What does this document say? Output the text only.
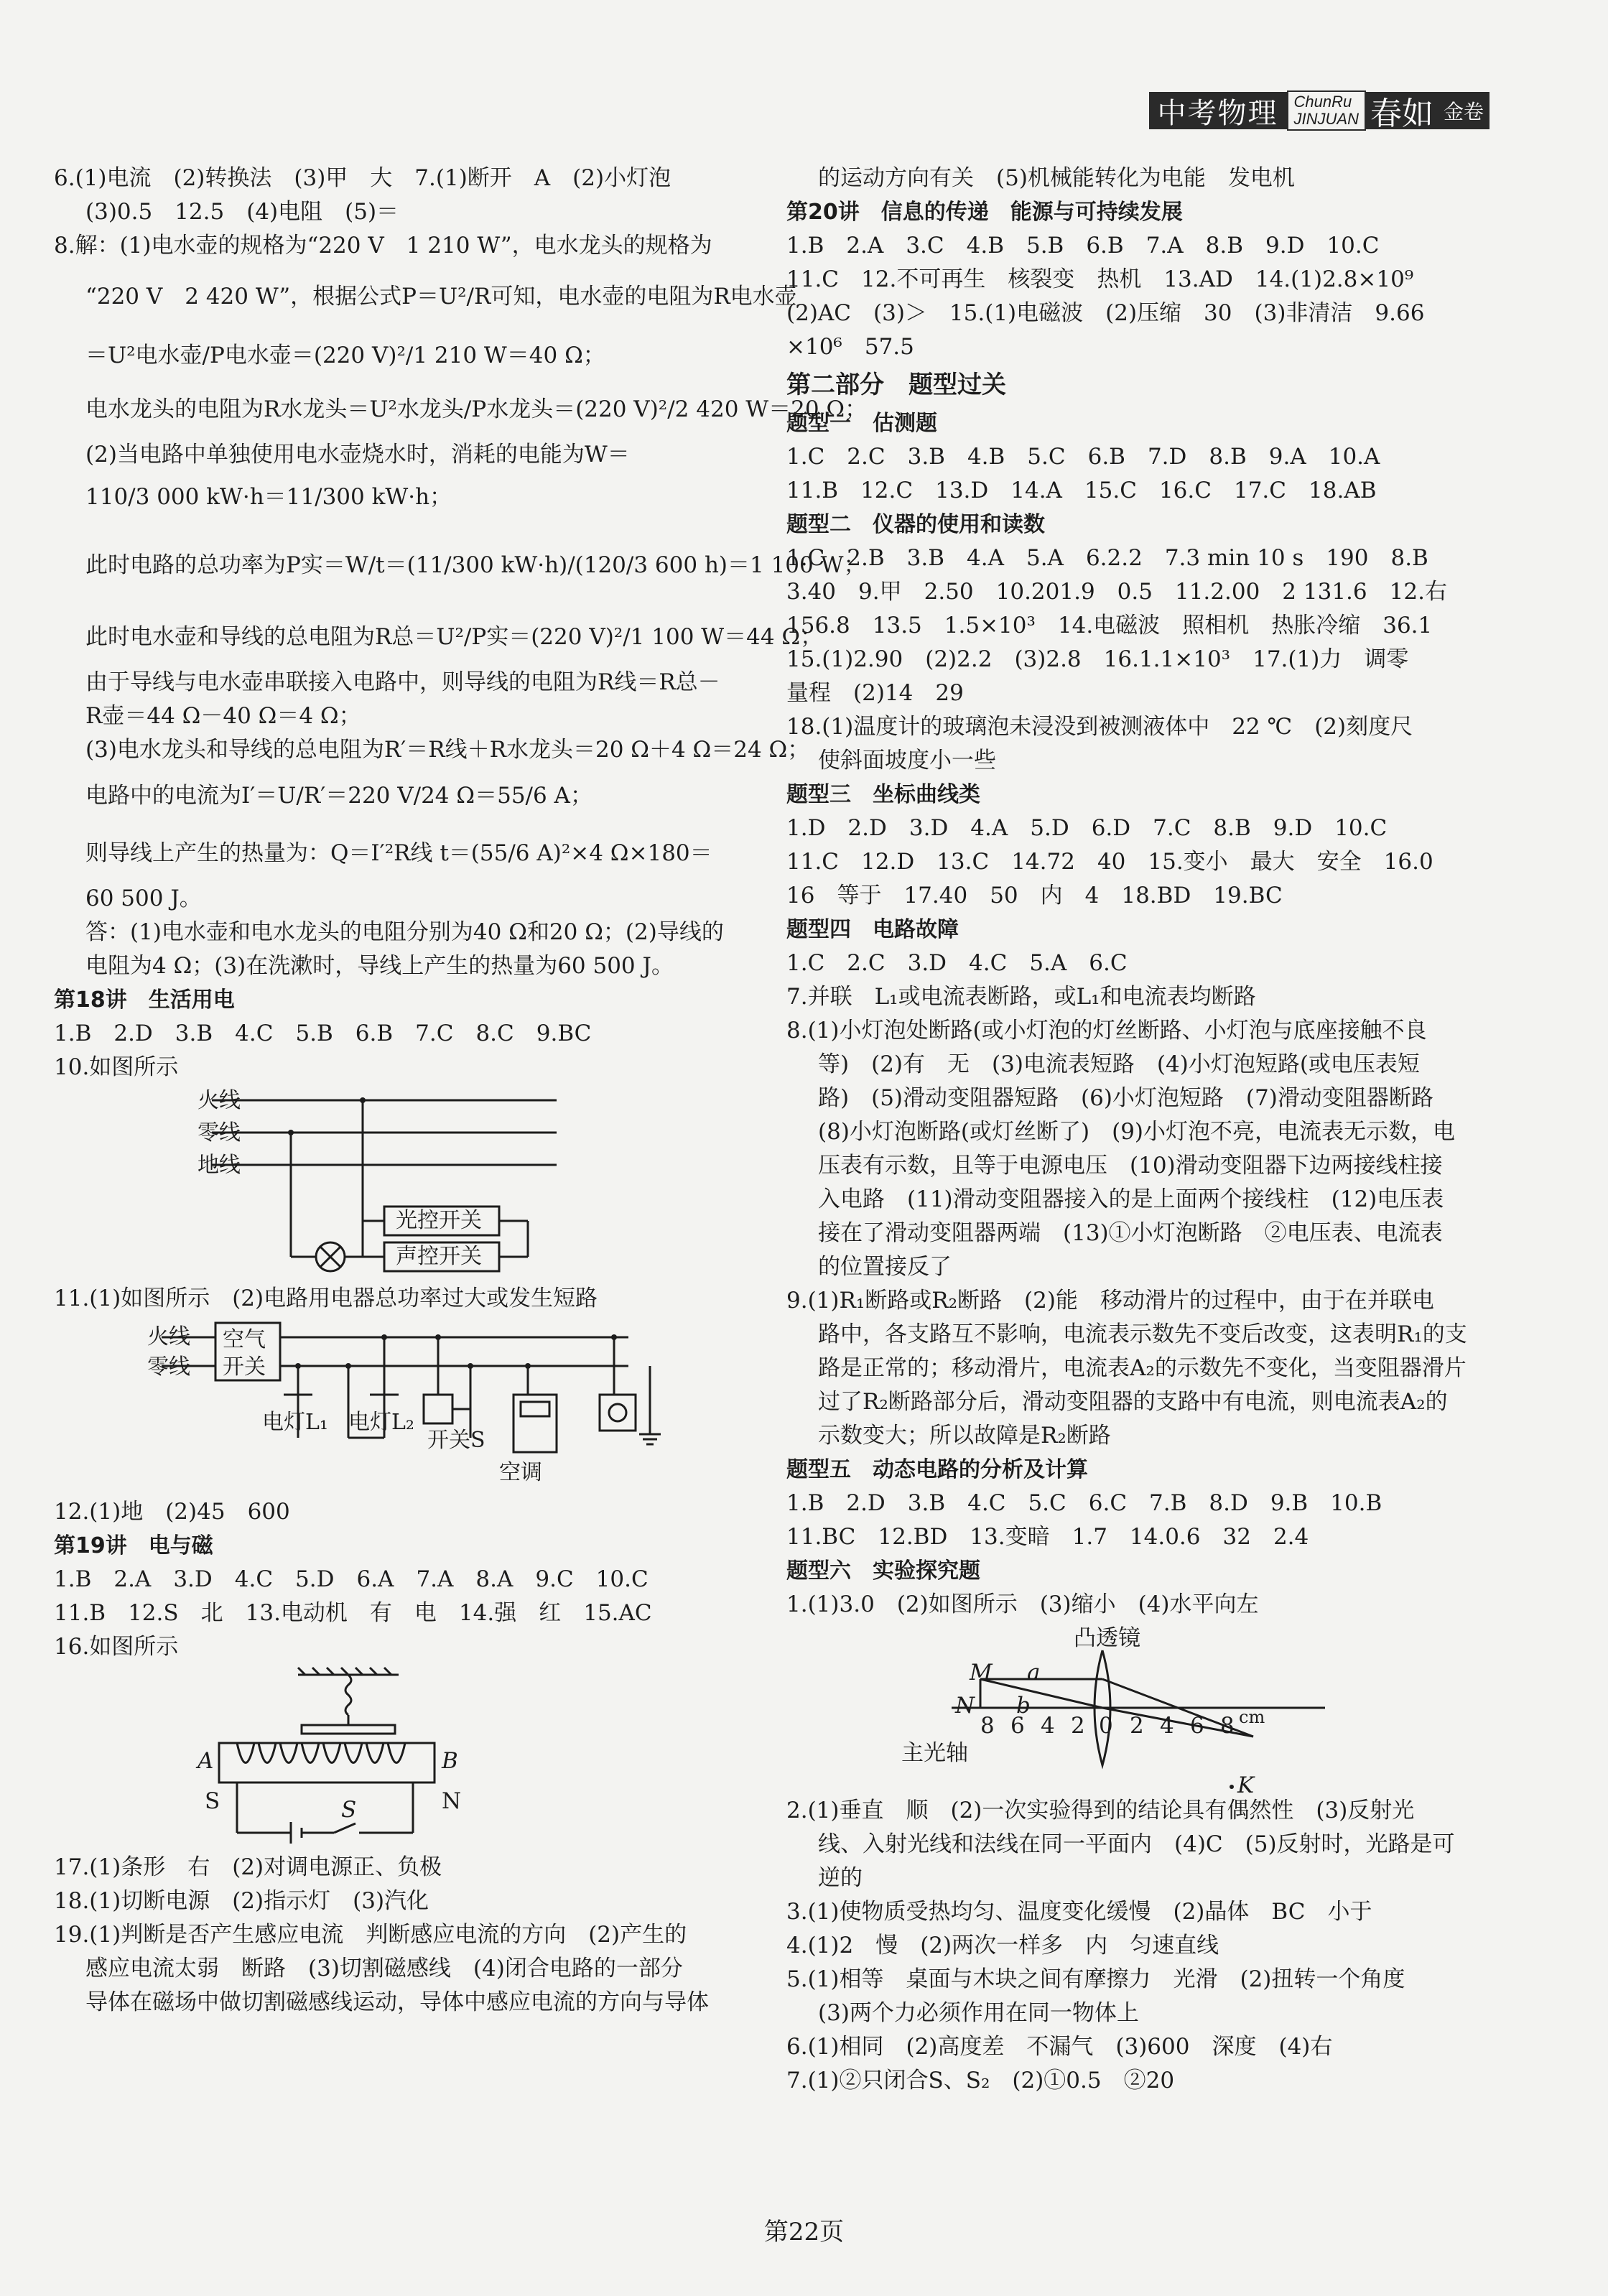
中考物理	ChunRu
JINJUAN 春如 金卷
6.(1)电流　(2)转换法　(3)甲　大　7.(1)断开　A　(2)小灯泡
(3)0.5　12.5　(4)电阻　(5)＝
8.解：(1)电水壶的规格为“220 V　1 210 W”，电水龙头的规格为
“220 V　2 420 W”，根据公式P＝U²/R可知，电水壶的电阻为R电水壶
＝U²电水壶/P电水壶＝(220 V)²/1 210 W＝40 Ω；
电水龙头的电阻为R水龙头＝U²水龙头/P水龙头＝(220 V)²/2 420 W＝20 Ω；
(2)当电路中单独使用电水壶烧水时，消耗的电能为W＝
110/3 000 kW·h＝11/300 kW·h；
此时电路的总功率为P实＝W/t＝(11/300 kW·h)/(120/3 600 h)＝1 100 W；
此时电水壶和导线的总电阻为R总＝U²/P实＝(220 V)²/1 100 W＝44 Ω；
由于导线与电水壶串联接入电路中，则导线的电阻为R线＝R总－
R壶＝44 Ω－40 Ω＝4 Ω；
(3)电水龙头和导线的总电阻为R′＝R线＋R水龙头＝20 Ω＋4 Ω＝24 Ω；
电路中的电流为I′＝U/R′＝220 V/24 Ω＝55/6 A；
则导线上产生的热量为：Q＝I′²R线 t＝(55/6 A)²×4 Ω×180＝
60 500 J。
答：(1)电水壶和电水龙头的电阻分别为40 Ω和20 Ω；(2)导线的
电阻为4 Ω；(3)在洗漱时，导线上产生的热量为60 500 J。
第18讲　生活用电
1.B　2.D　3.B　4.C　5.B　6.B　7.C　8.C　9.BC
10.如图所示
火线
零线
地线
光控开关
声控开关
11.(1)如图所示　(2)电路用电器总功率过大或发生短路
火线
零线
空气
开关
电灯L₁ 电灯L₂
开关S
空调
12.(1)地　(2)45　600
第19讲　电与磁
1.B　2.A　3.D　4.C　5.D　6.A　7.A　8.A　9.C　10.C
11.B　12.S　北　13.电动机　有　电　14.强　红　15.AC
16.如图所示
A	B
S	N
S
17.(1)条形　右　(2)对调电源正、负极
18.(1)切断电源　(2)指示灯　(3)汽化
19.(1)判断是否产生感应电流　判断感应电流的方向　(2)产生的
感应电流太弱　断路　(3)切割磁感线　(4)闭合电路的一部分
导体在磁场中做切割磁感线运动，导体中感应电流的方向与导体
的运动方向有关　(5)机械能转化为电能　发电机
第20讲　信息的传递　能源与可持续发展
1.B　2.A　3.C　4.B　5.B　6.B　7.A　8.B　9.D　10.C
11.C　12.不可再生　核裂变　热机　13.AD　14.(1)2.8×10⁹
(2)AC　(3)＞　15.(1)电磁波　(2)压缩　30　(3)非清洁　9.66
×10⁶　57.5
第二部分　题型过关
题型一　估测题
1.C　2.C　3.B　4.B　5.C　6.B　7.D　8.B　9.A　10.A
11.B　12.C　13.D　14.A　15.C　16.C　17.C　18.AB
题型二　仪器的使用和读数
1.C　2.B　3.B　4.A　5.A　6.2.2　7.3 min 10 s　190　8.B
3.40　9.甲　2.50　10.201.9　0.5　11.2.00　2 131.6　12.右
156.8　13.5　1.5×10³　14.电磁波　照相机　热胀冷缩　36.1
15.(1)2.90　(2)2.2　(3)2.8　16.1.1×10³　17.(1)力　调零
量程　(2)14　29
18.(1)温度计的玻璃泡未浸没到被测液体中　22 ℃　(2)刻度尺
使斜面坡度小一些
题型三　坐标曲线类
1.D　2.D　3.D　4.A　5.D　6.D　7.C　8.B　9.D　10.C
11.C　12.D　13.C　14.72　40　15.变小　最大　安全　16.0
16　等于　17.40　50　内　4　18.BD　19.BC
题型四　电路故障
1.C　2.C　3.D　4.C　5.A　6.C
7.并联　L₁或电流表断路，或L₁和电流表均断路
8.(1)小灯泡处断路(或小灯泡的灯丝断路、小灯泡与底座接触不良
等)　(2)有　无　(3)电流表短路　(4)小灯泡短路(或电压表短
路)　(5)滑动变阻器短路　(6)小灯泡短路　(7)滑动变阻器断路
(8)小灯泡断路(或灯丝断了)　(9)小灯泡不亮，电流表无示数，电
压表有示数，且等于电源电压　(10)滑动变阻器下边两接线柱接
入电路　(11)滑动变阻器接入的是上面两个接线柱　(12)电压表
接在了滑动变阻器两端　(13)①小灯泡断路　②电压表、电流表
的位置接反了
9.(1)R₁断路或R₂断路　(2)能　移动滑片的过程中，由于在并联电
路中，各支路互不影响，电流表示数先不变后改变，这表明R₁的支
路是正常的；移动滑片，电流表A₂的示数先不变化，当变阻器滑片
过了R₂断路部分后，滑动变阻器的支路中有电流，则电流表A₂的
示数变大；所以故障是R₂断路
题型五　动态电路的分析及计算
1.B　2.D　3.B　4.C　5.C　6.C　7.B　8.D　9.B　10.B
11.BC　12.BD　13.变暗　1.7　14.0.6　32　2.4
题型六　实验探究题
1.(1)3.0　(2)如图所示　(3)缩小　(4)水平向左
凸透镜
M a
N b
8 6 4 2 0 2 4 6 8 cm
主光轴
K
2.(1)垂直　顺　(2)一次实验得到的结论具有偶然性　(3)反射光
线、入射光线和法线在同一平面内　(4)C　(5)反射时，光路是可
逆的
3.(1)使物质受热均匀、温度变化缓慢　(2)晶体　BC　小于
4.(1)2　慢　(2)两次一样多　内　匀速直线
5.(1)相等　桌面与木块之间有摩擦力　光滑　(2)扭转一个角度
(3)两个力必须作用在同一物体上
6.(1)相同　(2)高度差　不漏气　(3)600　深度　(4)右
7.(1)②只闭合S、S₂　(2)①0.5　②20
第22页
